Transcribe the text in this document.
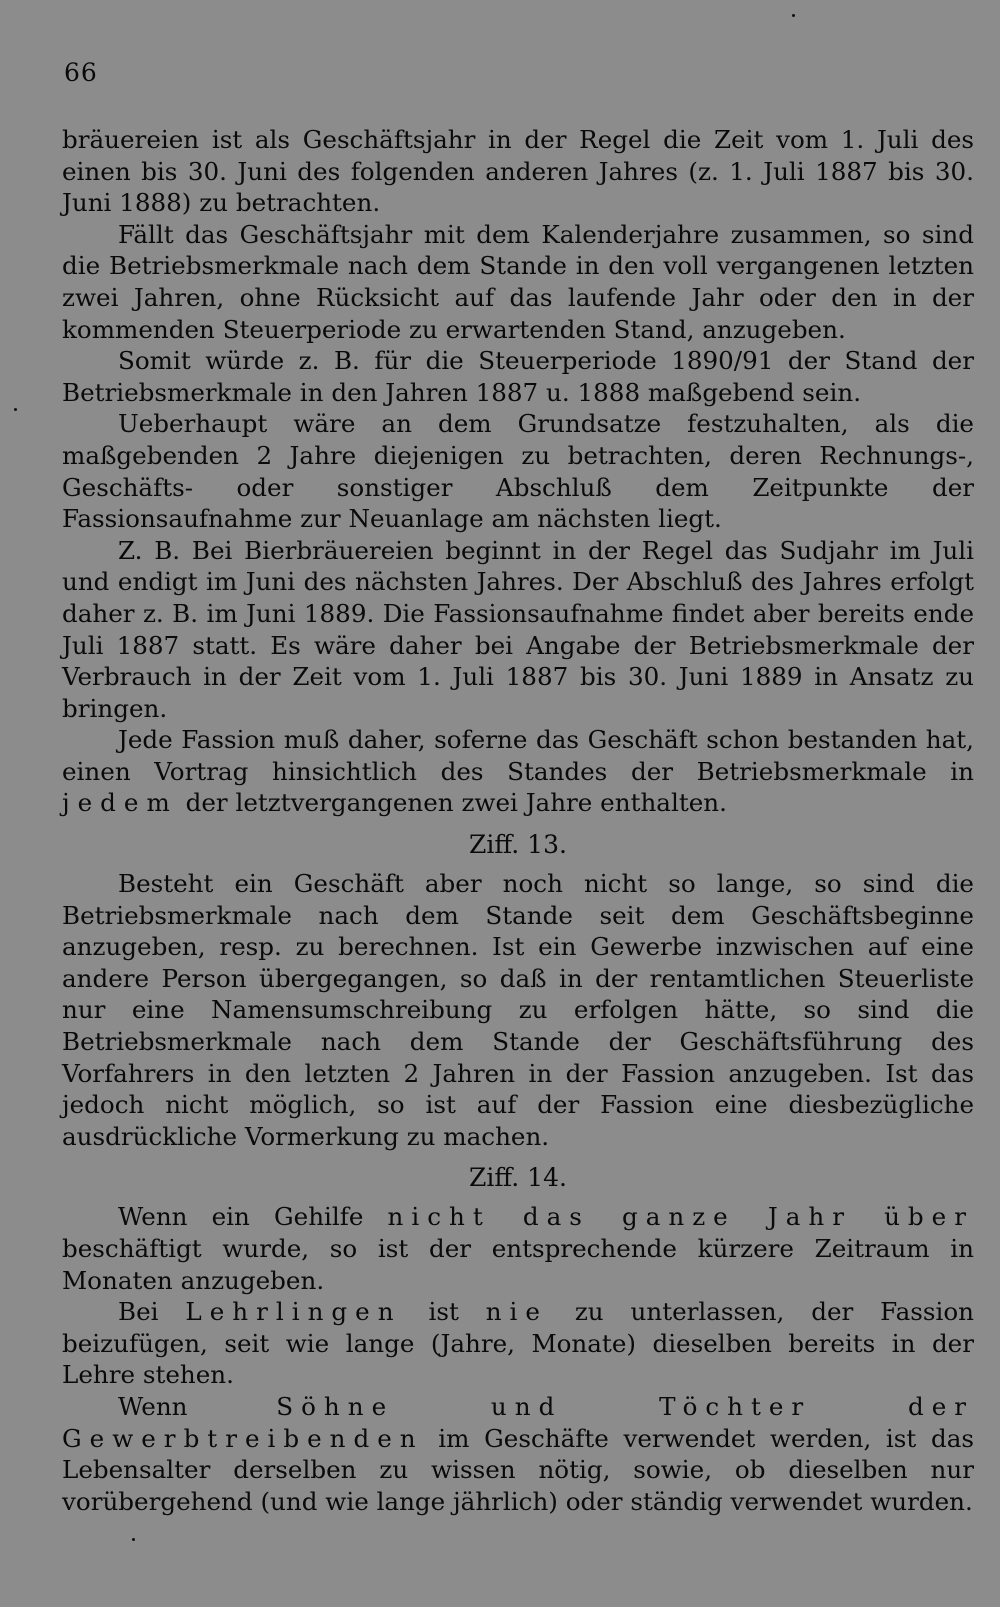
66

bräuereien ist als Geschäftsjahr in der Regel die Zeit vom 1. Juli des einen bis 30. Juni des folgenden anderen Jahres (z. 1. Juli 1887 bis 30. Juni 1888) zu betrachten.

Fällt das Geschäftsjahr mit dem Kalenderjahre zusammen, so sind die Betriebsmerkmale nach dem Stande in den voll vergangenen letzten zwei Jahren, ohne Rücksicht auf das laufende Jahr oder den in der kommenden Steuerperiode zu erwartenden Stand, anzugeben.

Somit würde z. B. für die Steuerperiode 1890/91 der Stand der Betriebsmerkmale in den Jahren 1887 u. 1888 maßgebend sein.

Ueberhaupt wäre an dem Grundsatze festzuhalten, als die maßgebenden 2 Jahre diejenigen zu betrachten, deren Rechnungs-, Geschäfts- oder sonstiger Abschluß dem Zeitpunkte der Fassionsaufnahme zur Neuanlage am nächsten liegt.

Z. B. Bei Bierbräuereien beginnt in der Regel das Sudjahr im Juli und endigt im Juni des nächsten Jahres. Der Abschluß des Jahres erfolgt daher z. B. im Juni 1889. Die Fassionsaufnahme findet aber bereits ende Juli 1887 statt. Es wäre daher bei Angabe der Betriebsmerkmale der Verbrauch in der Zeit vom 1. Juli 1887 bis 30. Juni 1889 in Ansatz zu bringen.

Jede Fassion muß daher, soferne das Geschäft schon bestanden hat, einen Vortrag hinsichtlich des Standes der Betriebsmerkmale in jedem der letztvergangenen zwei Jahre enthalten.

Ziff. 13.

Besteht ein Geschäft aber noch nicht so lange, so sind die Betriebsmerkmale nach dem Stande seit dem Geschäftsbeginne anzugeben, resp. zu berechnen. Ist ein Gewerbe inzwischen auf eine andere Person übergegangen, so daß in der rentamtlichen Steuerliste nur eine Namensumschreibung zu erfolgen hätte, so sind die Betriebsmerkmale nach dem Stande der Geschäftsführung des Vorfahrers in den letzten 2 Jahren in der Fassion anzugeben. Ist das jedoch nicht möglich, so ist auf der Fassion eine diesbezügliche ausdrückliche Vormerkung zu machen.

Ziff. 14.

Wenn ein Gehilfe nicht das ganze Jahr über beschäftigt wurde, so ist der entsprechende kürzere Zeitraum in Monaten anzugeben.

Bei Lehrlingen ist nie zu unterlassen, der Fassion beizufügen, seit wie lange (Jahre, Monate) dieselben bereits in der Lehre stehen.

Wenn Söhne und Töchter der Gewerbtreibenden im Geschäfte verwendet werden, ist das Lebensalter derselben zu wissen nötig, sowie, ob dieselben nur vorübergehend (und wie lange jährlich) oder ständig verwendet wurden.
